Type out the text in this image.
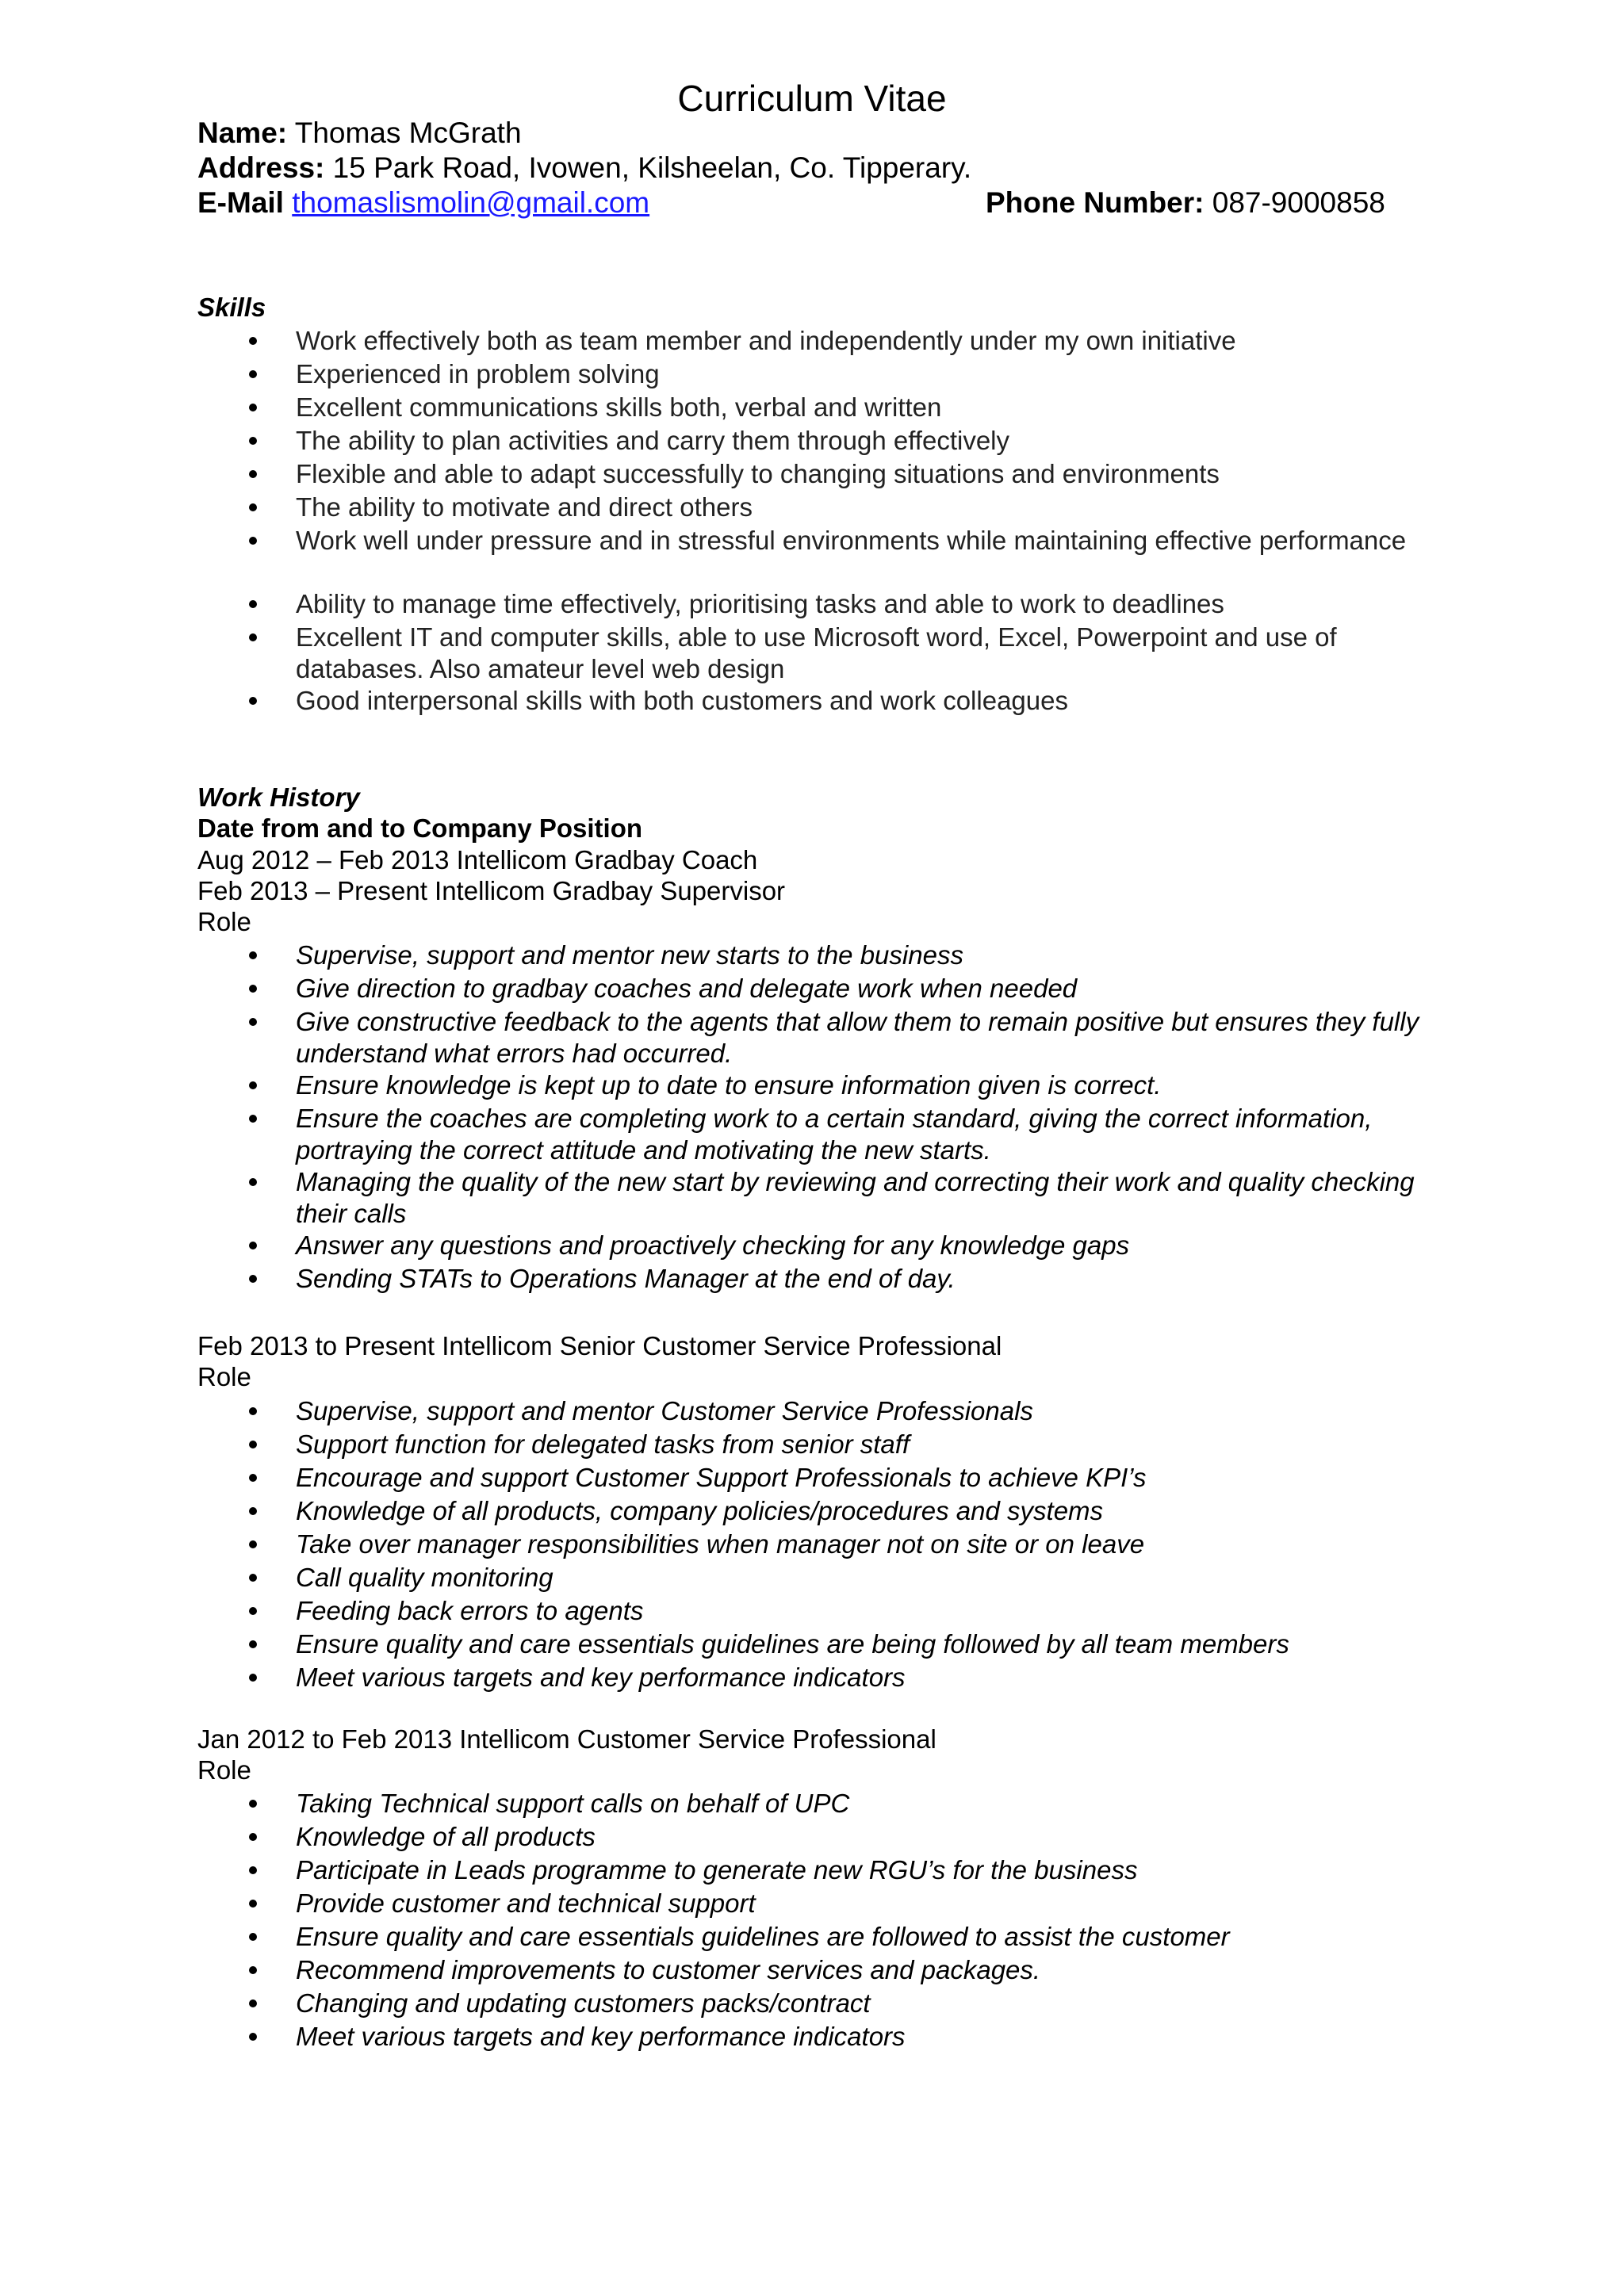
Curriculum Vitae
Name: Thomas McGrath
Address: 15 Park Road, Ivowen, Kilsheelan, Co. Tipperary.
E-Mail thomaslismolin@gmail.com	Phone Number: 087-9000858
Skills
Work effectively both as team member and independently under my own initiative
Experienced in problem solving
Excellent communications skills both, verbal and written
The ability to plan activities and carry them through effectively
Flexible and able to adapt successfully to changing situations and environments
The ability to motivate and direct others
Work well under pressure and in stressful environments while maintaining effective performance
Ability to manage time effectively, prioritising tasks and able to work to deadlines
Excellent IT and computer skills, able to use Microsoft word, Excel, Powerpoint and use of databases. Also amateur level web design
Good interpersonal skills with both customers and work colleagues
Work History
Date from and to Company Position
Aug 2012 – Feb 2013 Intellicom Gradbay Coach
Feb 2013 – Present Intellicom Gradbay Supervisor
Role
Supervise, support and mentor new starts to the business
Give direction to gradbay coaches and delegate work when needed
Give constructive feedback to the agents that allow them to remain positive but ensures they fully understand what errors had occurred.
Ensure knowledge is kept up to date to ensure information given is correct.
Ensure the coaches are completing work to a certain standard, giving the correct information, portraying the correct attitude and motivating the new starts.
Managing the quality of the new start by reviewing and correcting their work and quality checking their calls
Answer any questions and proactively checking for any knowledge gaps
Sending STATs to Operations Manager at the end of day.
Feb 2013 to Present Intellicom Senior Customer Service Professional
Role
Supervise, support and mentor Customer Service Professionals
Support function for delegated tasks from senior staff
Encourage and support Customer Support Professionals to achieve KPI’s
Knowledge of all products, company policies/procedures and systems
Take over manager responsibilities when manager not on site or on leave
Call quality monitoring
Feeding back errors to agents
Ensure quality and care essentials guidelines are being followed by all team members
Meet various targets and key performance indicators
Jan 2012 to Feb 2013 Intellicom Customer Service Professional
Role
Taking Technical support calls on behalf of UPC
Knowledge of all products
Participate in Leads programme to generate new RGU’s for the business
Provide customer and technical support
Ensure quality and care essentials guidelines are followed to assist the customer
Recommend improvements to customer services and packages.
Changing and updating customers packs/contract
Meet various targets and key performance indicators
